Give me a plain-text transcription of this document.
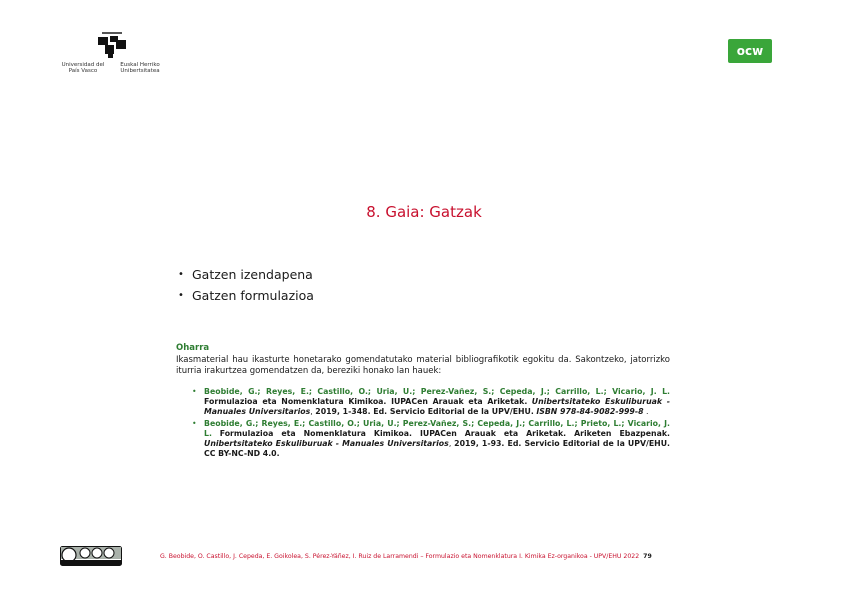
Universidad del País Vasco
Euskal Herriko Unibertsitatea
ocw
8. Gaia: Gatzak
• Gatzen izendapena
• Gatzen formulazioa
Oharra
Ikasmaterial hau ikasturte honetarako gomendatutako material bibliografikotik egokitu da. Sakontzeko, jatorrizko iturria irakurtzea gomendatzen da, bereziki honako lan hauek:
• Beobide, G.; Reyes, E.; Castillo, O.; Uria, U.; Perez-Vañez, S.; Cepeda, J.; Carrillo, L.; Vicario, J. L. Formulazioa eta Nomenklatura Kimikoa. IUPACen Arauak eta Ariketak. Unibertsitateko Eskuliburuak - Manuales Universitarios, 2019, 1-348. Ed. Servicio Editorial de la UPV/EHU. ISBN 978-84-9082-999-8 .
• Beobide, G.; Reyes, E.; Castillo, O.; Uria, U.; Perez-Vañez, S.; Cepeda, J.; Carrillo, L.; Prieto, L.; Vicario, J. L. Formulazioa eta Nomenklatura Kimikoa. IUPACen Arauak eta Ariketak. Ariketen Ebazpenak. Unibertsitateko Eskuliburuak - Manuales Universitarios, 2019, 1-93. Ed. Servicio Editorial de la UPV/EHU. CC BY-NC-ND 4.0.
G. Beobide, O. Castillo, J. Cepeda, E. Goikolea, S. Pérez-Yáñez, I. Ruiz de Larramendi – Formulazio eta Nomenklatura I. Kimika Ez-organikoa - UPV/EHU 2022 79
